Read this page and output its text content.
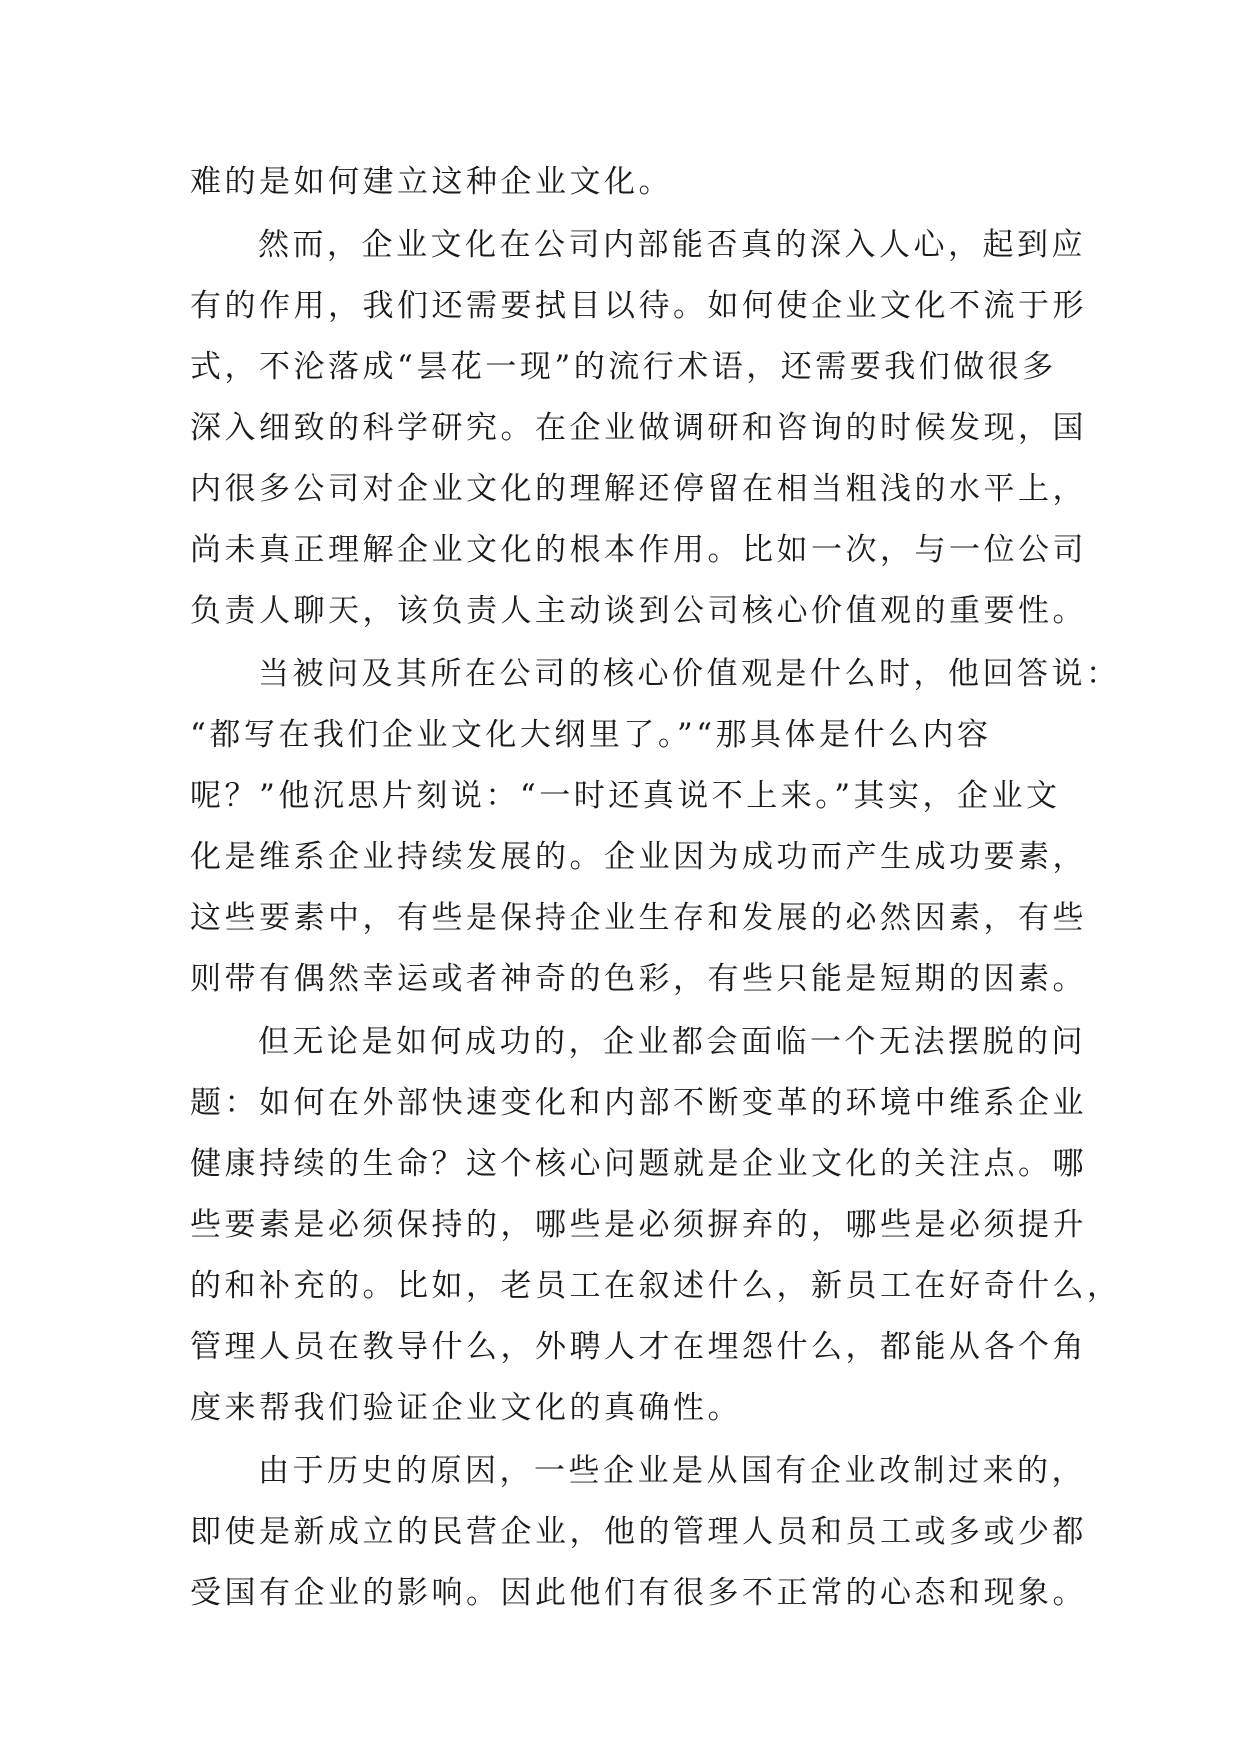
难的是如何建立这种企业文化。
然而，企业文化在公司内部能否真的深入人心，起到应
有的作用，我们还需要拭目以待。如何使企业文化不流于形
式，不沦落成“昙花一现”的流行术语，还需要我们做很多
深入细致的科学研究。在企业做调研和咨询的时候发现，国
内很多公司对企业文化的理解还停留在相当粗浅的水平上，
尚未真正理解企业文化的根本作用。比如一次，与一位公司
负责人聊天，该负责人主动谈到公司核心价值观的重要性。
当被问及其所在公司的核心价值观是什么时，他回答说：
“都写在我们企业文化大纲里了。”“那具体是什么内容
呢？”他沉思片刻说：“一时还真说不上来。”其实，企业文
化是维系企业持续发展的。企业因为成功而产生成功要素，
这些要素中，有些是保持企业生存和发展的必然因素，有些
则带有偶然幸运或者神奇的色彩，有些只能是短期的因素。
但无论是如何成功的，企业都会面临一个无法摆脱的问
题：如何在外部快速变化和内部不断变革的环境中维系企业
健康持续的生命？这个核心问题就是企业文化的关注点。哪
些要素是必须保持的，哪些是必须摒弃的，哪些是必须提升
的和补充的。比如，老员工在叙述什么，新员工在好奇什么，
管理人员在教导什么，外聘人才在埋怨什么，都能从各个角
度来帮我们验证企业文化的真确性。
由于历史的原因，一些企业是从国有企业改制过来的，
即使是新成立的民营企业，他的管理人员和员工或多或少都
受国有企业的影响。因此他们有很多不正常的心态和现象。
